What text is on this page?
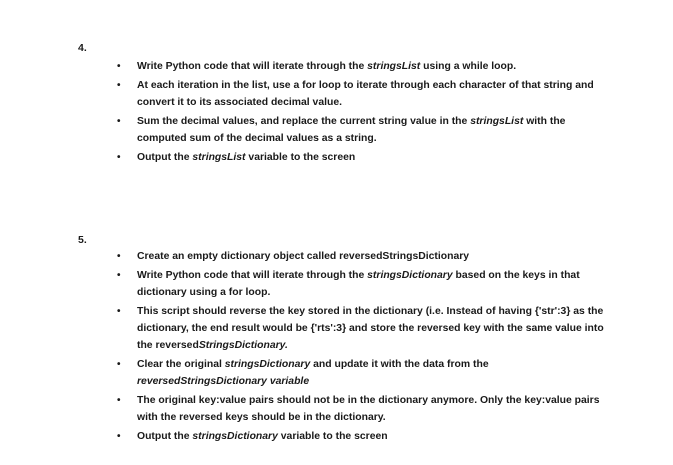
4.
• Write Python code that will iterate through the stringsList using a while loop.
• At each iteration in the list, use a for loop to iterate through each character of that string and convert it to its associated decimal value.
• Sum the decimal values, and replace the current string value in the stringsList with the computed sum of the decimal values as a string.
• Output the stringsList variable to the screen
5.
• Create an empty dictionary object called reversedStringsDictionary
• Write Python code that will iterate through the stringsDictionary based on the keys in that dictionary using a for loop.
• This script should reverse the key stored in the dictionary (i.e. Instead of having {'str':3} as the dictionary, the end result would be {'rts':3} and store the reversed key with the same value into the reversedStringsDictionary.
• Clear the original stringsDictionary and update it with the data from the reversedStringsDictionary variable
• The original key:value pairs should not be in the dictionary anymore. Only the key:value pairs with the reversed keys should be in the dictionary.
• Output the stringsDictionary variable to the screen
